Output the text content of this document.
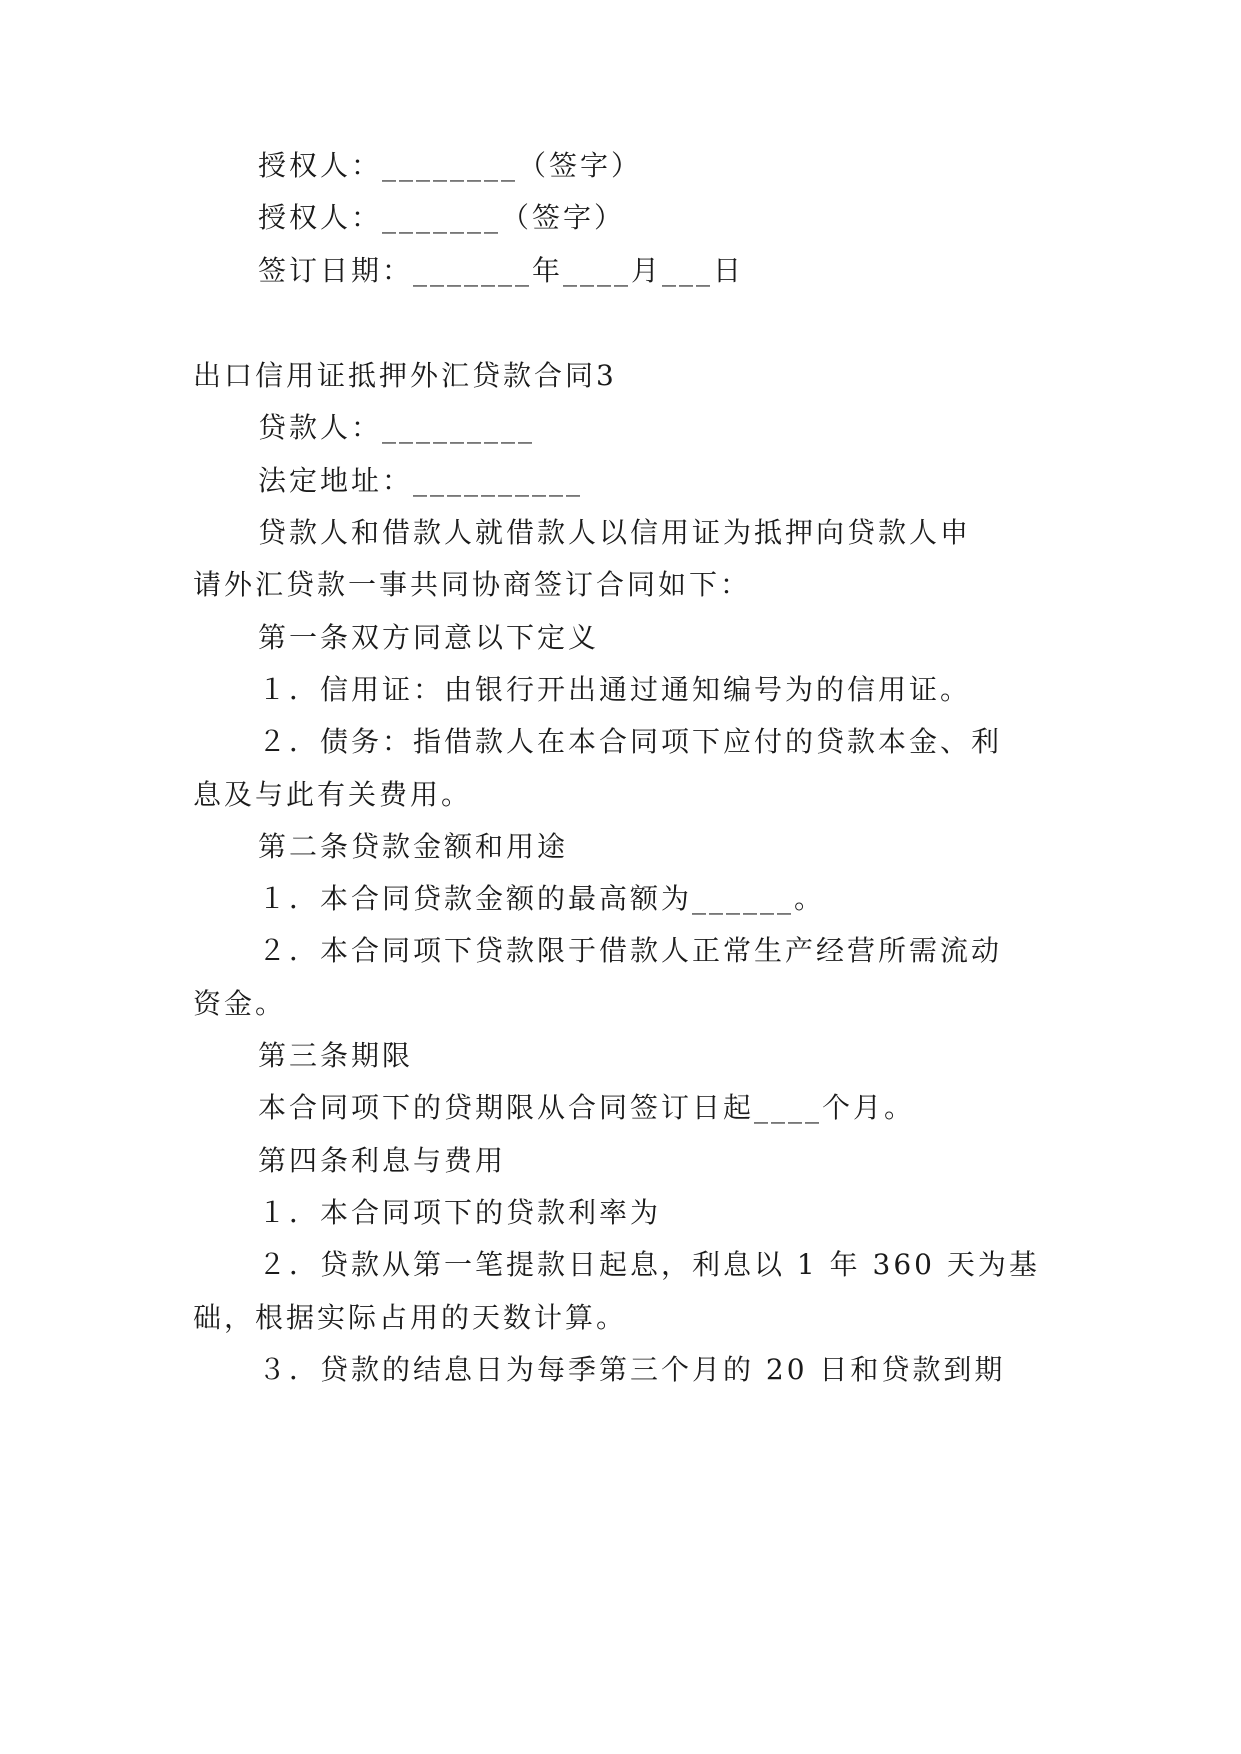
授权人：________（签字）
授权人：_______（签字）
签订日期：_______年____月___日
出口信用证抵押外汇贷款合同3
贷款人：_________
法定地址：__________
贷款人和借款人就借款人以信用证为抵押向贷款人申
请外汇贷款一事共同协商签订合同如下：
第一条双方同意以下定义
１．信用证：由银行开出通过通知编号为的信用证。
２．债务：指借款人在本合同项下应付的贷款本金、利
息及与此有关费用。
第二条贷款金额和用途
１．本合同贷款金额的最高额为______。
２．本合同项下贷款限于借款人正常生产经营所需流动
资金。
第三条期限
本合同项下的贷期限从合同签订日起____个月。
第四条利息与费用
１．本合同项下的贷款利率为
２．贷款从第一笔提款日起息，利息以 1 年 360 天为基
础，根据实际占用的天数计算。
３．贷款的结息日为每季第三个月的 20 日和贷款到期
